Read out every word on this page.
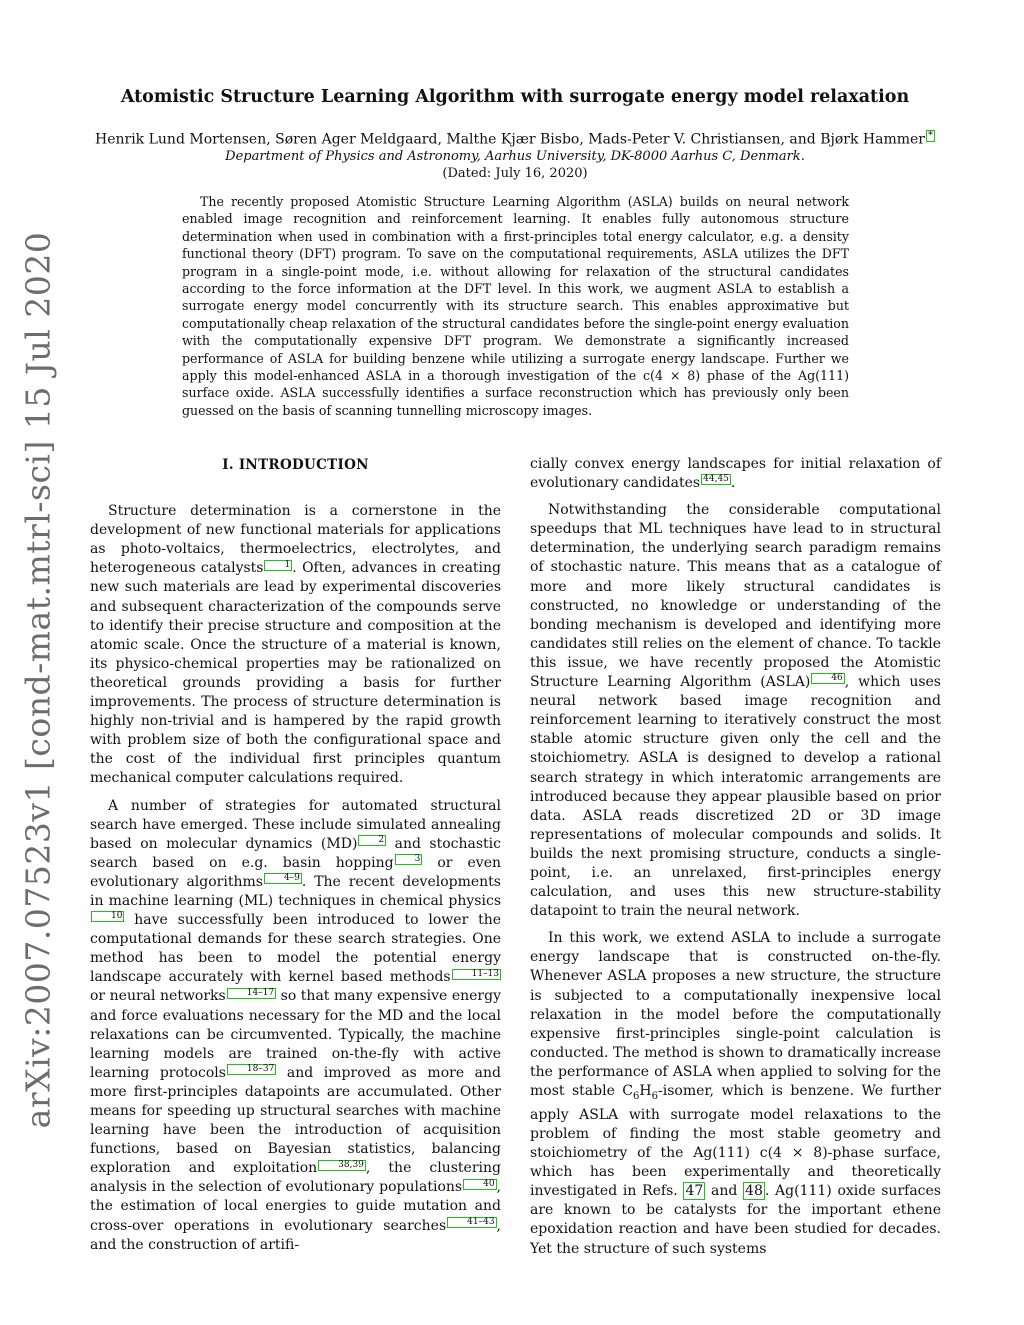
arXiv:2007.07523v1 [cond-mat.mtrl-sci] 15 Jul 2020
Atomistic Structure Learning Algorithm with surrogate energy model relaxation
Henrik Lund Mortensen, Søren Ager Meldgaard, Malthe Kjær Bisbo, Mads-Peter V. Christiansen, and Bjørk Hammer *
Department of Physics and Astronomy, Aarhus University, DK-8000 Aarhus C, Denmark.
(Dated: July 16, 2020)
The recently proposed Atomistic Structure Learning Algorithm (ASLA) builds on neural network enabled image recognition and reinforcement learning. It enables fully autonomous structure determination when used in combination with a first-principles total energy calculator, e.g. a density functional theory (DFT) program. To save on the computational requirements, ASLA utilizes the DFT program in a single-point mode, i.e. without allowing for relaxation of the structural candidates according to the force information at the DFT level. In this work, we augment ASLA to establish a surrogate energy model concurrently with its structure search. This enables approximative but computationally cheap relaxation of the structural candidates before the single-point energy evaluation with the computationally expensive DFT program. We demonstrate a significantly increased performance of ASLA for building benzene while utilizing a surrogate energy landscape. Further we apply this model-enhanced ASLA in a thorough investigation of the c(4 × 8) phase of the Ag(111) surface oxide. ASLA successfully identifies a surface reconstruction which has previously only been guessed on the basis of scanning tunnelling microscopy images.
I. INTRODUCTION

Structure determination is a cornerstone in the development of new functional materials for applications as photo-voltaics, thermoelectrics, electrolytes, and heterogeneous catalysts 1 . Often, advances in creating new such materials are lead by experimental discoveries and subsequent characterization of the compounds serve to identify their precise structure and composition at the atomic scale. Once the structure of a material is known, its physico-chemical properties may be rationalized on theoretical grounds providing a basis for further improvements. The process of structure determination is highly non-trivial and is hampered by the rapid growth with problem size of both the configurational space and the cost of the individual first principles quantum mechanical computer calculations required.

A number of strategies for automated structural search have emerged. These include simulated annealing based on molecular dynamics (MD) 2 and stochastic search based on e.g. basin hopping 3 or even evolutionary algorithms 4–9 . The recent developments in machine learning (ML) techniques in chemical physics10 have successfully been introduced to lower the computational demands for these search strategies. One method has been to model the potential energy landscape accurately with kernel based methods 11–13 or neural networks 14–17 so that many expensive energy and force evaluations necessary for the MD and the local relaxations can be circumvented. Typically, the machine learning models are trained on-the-fly with active learning protocols 18–37 and improved as more and more first-principles datapoints are accumulated. Other means for speeding up structural searches with machine learning have been the introduction of acquisition functions, based on Bayesian statistics, balancing exploration and exploitation 38,39 , the clustering analysis in the selection of evolutionary populations 40 , the estimation of local energies to guide mutation and cross-over operations in evolutionary searches 41–43 , and the construction of artifi-

cially convex energy landscapes for initial relaxation of evolutionary candidates 44,45 .

Notwithstanding the considerable computational speedups that ML techniques have lead to in structural determination, the underlying search paradigm remains of stochastic nature. This means that as a catalogue of more and more likely structural candidates is constructed, no knowledge or understanding of the bonding mechanism is developed and identifying more candidates still relies on the element of chance. To tackle this issue, we have recently proposed the Atomistic Structure Learning Algorithm (ASLA) 46 , which uses neural network based image recognition and reinforcement learning to iteratively construct the most stable atomic structure given only the cell and the stoichiometry. ASLA is designed to develop a rational search strategy in which interatomic arrangements are introduced because they appear plausible based on prior data. ASLA reads discretized 2D or 3D image representations of molecular compounds and solids. It builds the next promising structure, conducts a single-point, i.e. an unrelaxed, first-principles energy calculation, and uses this new structure-stability datapoint to train the neural network.

In this work, we extend ASLA to include a surrogate energy landscape that is constructed on-the-fly. Whenever ASLA proposes a new structure, the structure is subjected to a computationally inexpensive local relaxation in the model before the computationally expensive first-principles single-point calculation is conducted. The method is shown to dramatically increase the performance of ASLA when applied to solving for the most stable $C_6H_6$-isomer, which is benzene. We further apply ASLA with surrogate model relaxations to the problem of finding the most stable geometry and stoichiometry of the Ag(111) c(4 × 8)-phase surface, which has been experimentally and theoretically investigated in Refs. 47 and 48 . Ag(111) oxide surfaces are known to be catalysts for the important ethene epoxidation reaction and have been studied for decades. Yet the structure of such systems
